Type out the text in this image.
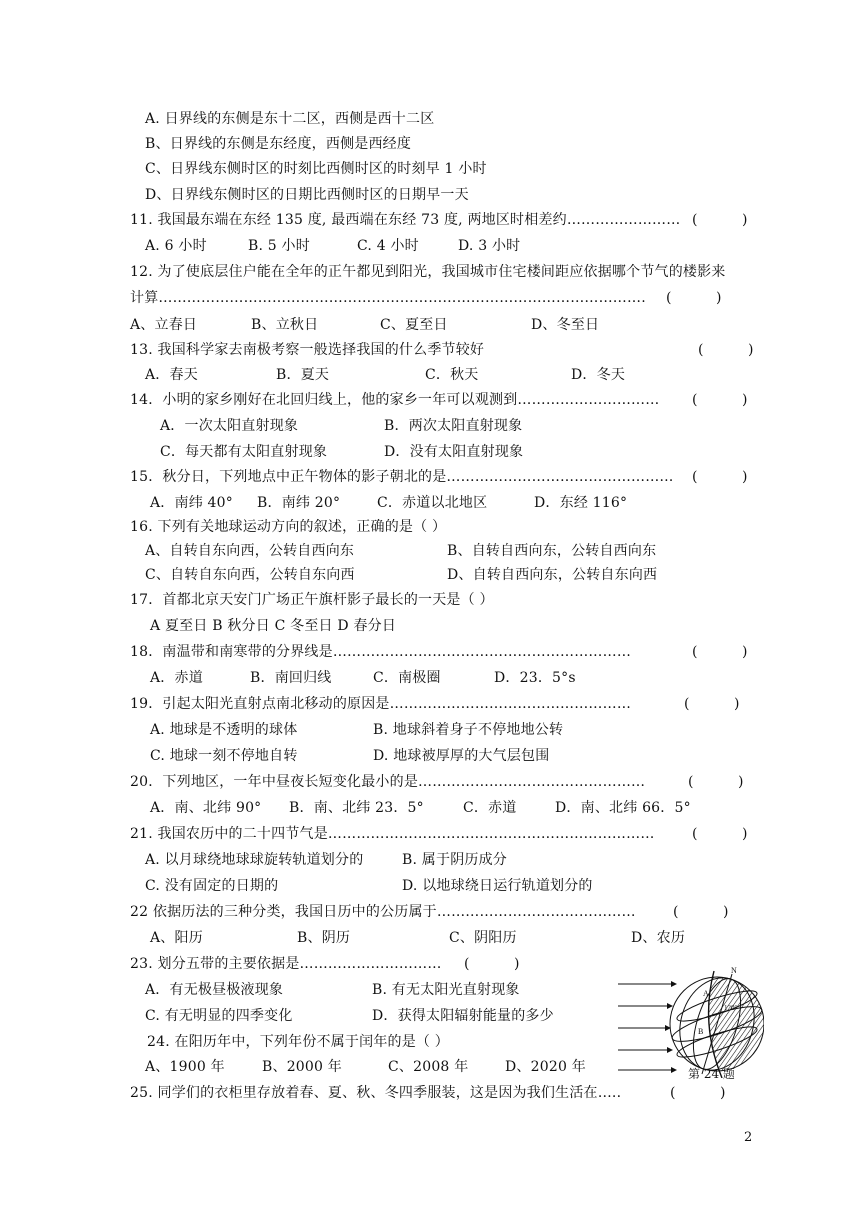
A. 日界线的东侧是东十二区，西侧是西十二区
B、日界线的东侧是东经度，西侧是西经度
C、日界线东侧时区的时刻比西侧时区的时刻早 1 小时
D、日界线东侧时区的日期比西侧时区的日期早一天
11. 我国最东端在东经 135 度, 最西端在东经 73 度, 两地区时相差约…………………… (          )
A. 6 小时	B. 5 小时	C. 4 小时	D. 3 小时
12. 为了使底层住户能在全年的正午都见到阳光，我国城市住宅楼间距应依据哪个节气的楼影来
计算…………………………………………………………………………………………. (          )
A、立春日	B、立秋日	C、夏至日	D、冬至日
13. 我国科学家去南极考察一般选择我国的什么季节较好	(          )
A．春天	B．夏天	C．秋天	D．冬天
14．小明的家乡刚好在北回归线上，他的家乡一年可以观测到………………………… (          )
A．一次太阳直射现象	B．两次太阳直射现象
C．每天都有太阳直射现象	D．没有太阳直射现象
15．秋分日，下列地点中正午物体的影子朝北的是………………………………………… (          )
A．南纬 40° B．南纬 20°	C．赤道以北地区	D．东经 116°
16. 下列有关地球运动方向的叙述，正确的是（ ）
A、自转自东向西，公转自西向东	B、自转自西向东，公转自西向东
C、自转自东向西，公转自东向西	D、自转自西向东，公转自东向西
17．首都北京天安门广场正午旗杆影子最长的一天是（ ）
A 夏至日 B 秋分日 C 冬至日 D 春分日
18．南温带和南寒带的分界线是………………………………………………………	(          )
A．赤道	B．南回归线	C．南极圈	D．23．5°s
19．引起太阳光直射点南北移动的原因是……………………………………………	(          )
A. 地球是不透明的球体	B. 地球斜着身子不停地地公转
C. 地球一刻不停地自转	D. 地球被厚厚的大气层包围
20．下列地区，一年中昼夜长短变化最小的是…………………………………………	(          )
A．南、北纬 90° B．南、北纬 23．5°	C．赤道	D．南、北纬 66．5°
21. 我国农历中的二十四节气是……………………………………………………………	(          )
A. 以月球绕地球球旋转轨道划分的	B. 属于阴历成分
C. 没有固定的日期的	D. 以地球绕日运行轨道划分的
22 依据历法的三种分类，我国日历中的公历属于……………………………………	(          )
A、阳历	B、阴历	C、阴阳历	D、农历
23. 划分五带的主要依据是………………………… (          )
A．有无极昼极液现象	B. 有无太阳光直射现象
C. 有无明显的四季变化	D．获得太阳辐射能量的多少
24. 在阳历年中，下列年份不属于闰年的是（ ）
A、1900 年	B、2000 年	C、2008 年	D、2020 年
25. 同学们的衣柜里存放着春、夏、秋、冬四季服装，这是因为我们生活在…..	(          )
N
A
B
120°
第 24 题
2
